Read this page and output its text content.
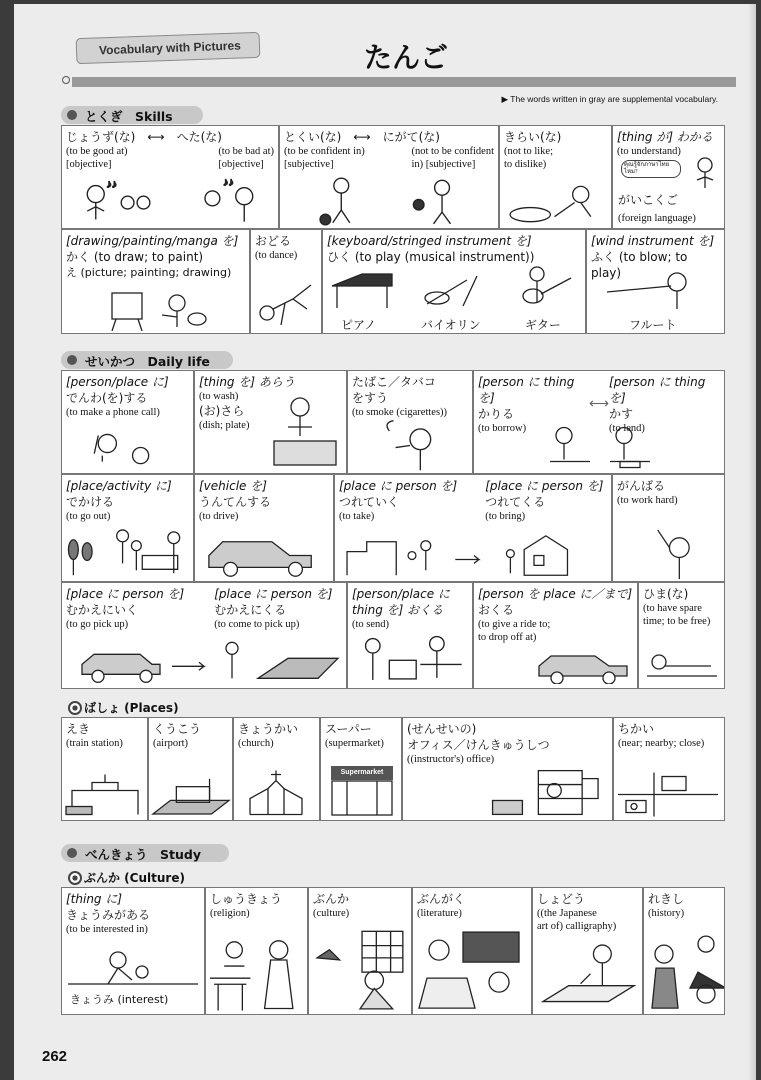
Vocabulary with Pictures	たんご
▶ The words written in gray are supplemental vocabulary.
とくぎ　Skills
じょうず(な)　⟷　へた(な)
(to be good at)
[objective]
(to be bad at)
[objective]
♪♪	♪♪
とくい(な)　⟷　にがて(な)
(to be confident in)
[subjective]
(not to be confident
in) [subjective]
きらい(な)
(not to like;
to dislike)
[thing が] わかる
(to understand)
คุณรู้จักภาษาไทยไหม?
がいこくご
(foreign language)
[drawing/painting/manga を]
かく (to draw; to paint)
え (picture; painting; drawing)
おどる
(to dance)
[keyboard/stringed instrument を]
ひく (to play (musical instrument))
ピアノ	バイオリン	ギター
[wind instrument を]
ふく (to blow; to play)
フルート
せいかつ　Daily life
[person/place に]
でんわ(を)する
(to make a phone call)
[thing を] あらう
(to wash)
(お)さら
(dish; plate)
たばこ／タバコ
をすう
(to smoke (cigarettes))
[person に thing を]
かりる
(to borrow)
⟷
[person に thing を]
かす
(to lend)
[place/activity に]
でかける
(to go out)
[vehicle を]
うんてんする
(to drive)
[place に person を]
つれていく
(to take)
[place に person を]
つれてくる
(to bring)
がんばる
(to work hard)
[place に person を]
むかえにいく
(to go pick up)
[place に person を]
むかえにくる
(to come to pick up)
[person/place に
thing を] おくる
(to send)
[person を place に／まで]
おくる
(to give a ride to;
to drop off at)
ひま(な)
(to have spare
time; to be free)
ばしょ (Places)
えき
(train station)
くうこう
(airport)
きょうかい
(church)
スーパー
(supermarket)
Supermarket
(せんせいの)
オフィス／けんきゅうしつ
((instructor's) office)
ちかい
(near; nearby; close)
べんきょう　Study
ぶんか (Culture)
[thing に]
きょうみがある
(to be interested in)
きょうみ (interest)
しゅうきょう
(religion)
ぶんか
(culture)
ぶんがく
(literature)
しょどう
((the Japanese
art of) calligraphy)
れきし
(history)
262
